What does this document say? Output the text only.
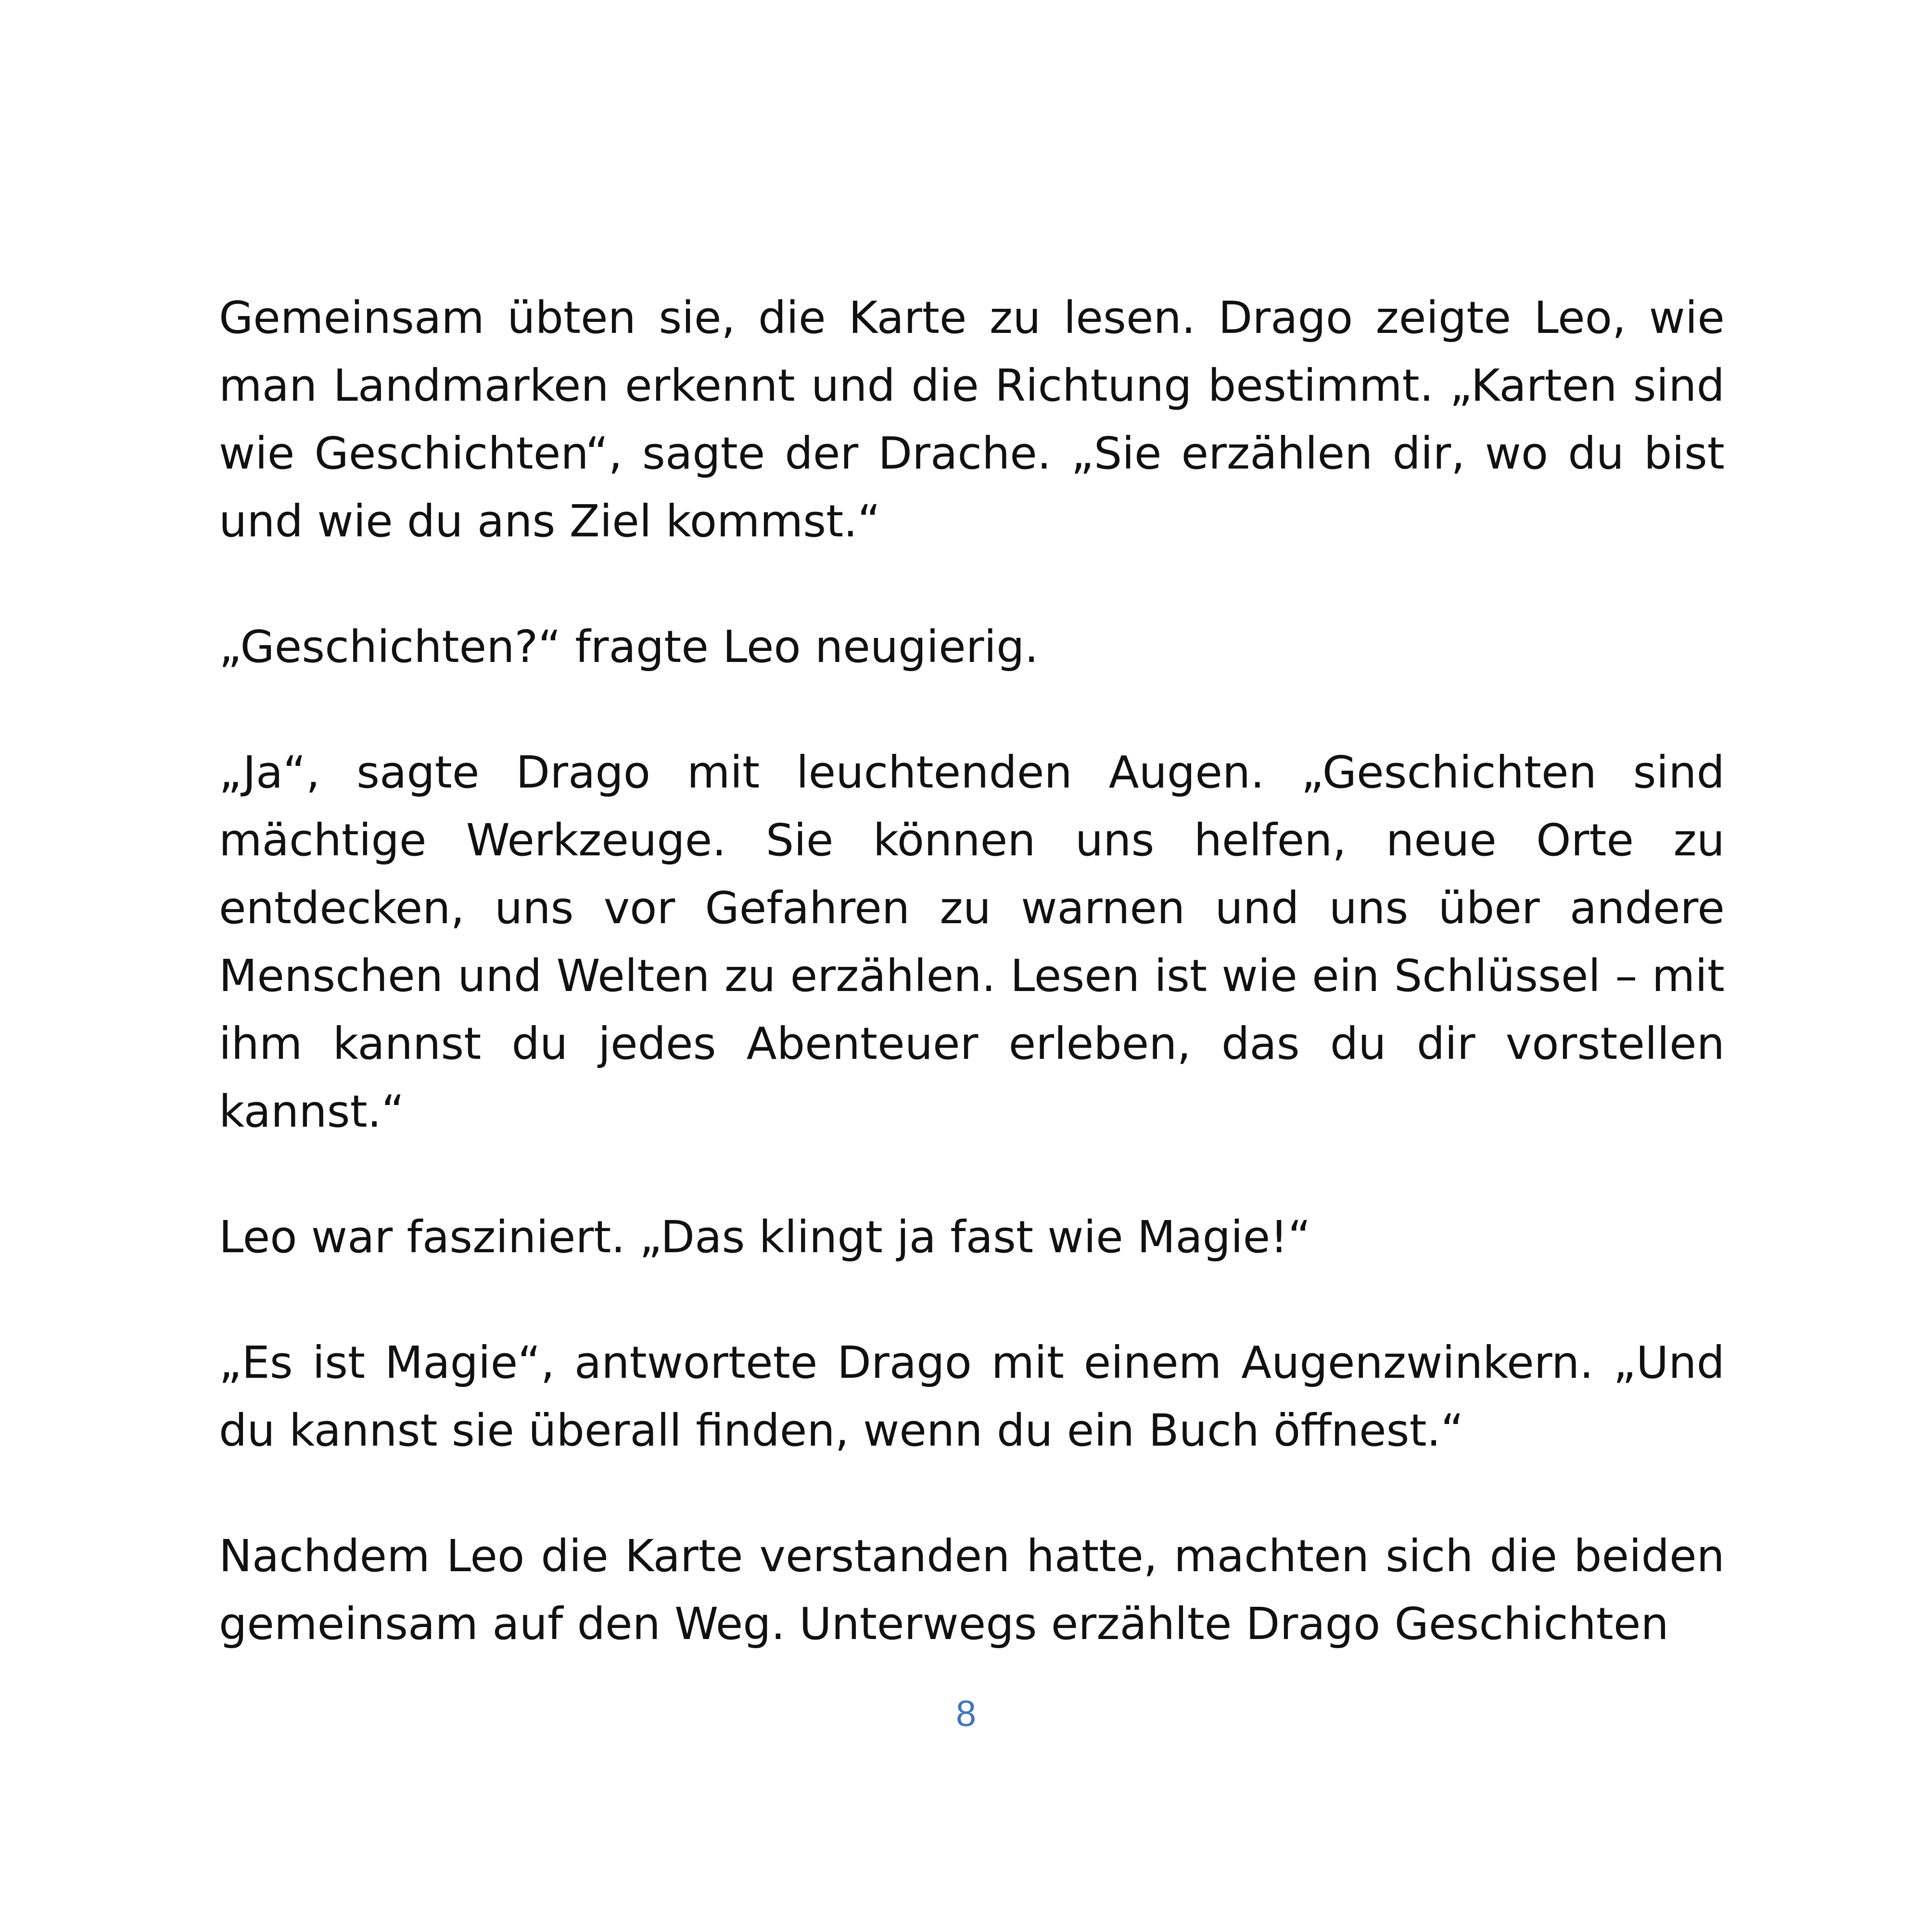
Gemeinsam übten sie, die Karte zu lesen. Drago zeigte Leo, wie man Landmarken erkennt und die Richtung bestimmt. „Karten sind wie Geschichten“, sagte der Drache. „Sie erzählen dir, wo du bist und wie du ans Ziel kommst.“

„Geschichten?“ fragte Leo neugierig.

„Ja“, sagte Drago mit leuchtenden Augen. „Geschichten sind mächtige Werkzeuge. Sie können uns helfen, neue Orte zu entdecken, uns vor Gefahren zu warnen und uns über andere Menschen und Welten zu erzählen. Lesen ist wie ein Schlüssel – mit ihm kannst du jedes Abenteuer erleben, das du dir vorstellen kannst.“

Leo war fasziniert. „Das klingt ja fast wie Magie!“

„Es ist Magie“, antwortete Drago mit einem Augenzwinkern. „Und du kannst sie überall finden, wenn du ein Buch öffnest.“

Nachdem Leo die Karte verstanden hatte, machten sich die beiden gemeinsam auf den Weg. Unterwegs erzählte Drago Geschichten

8
